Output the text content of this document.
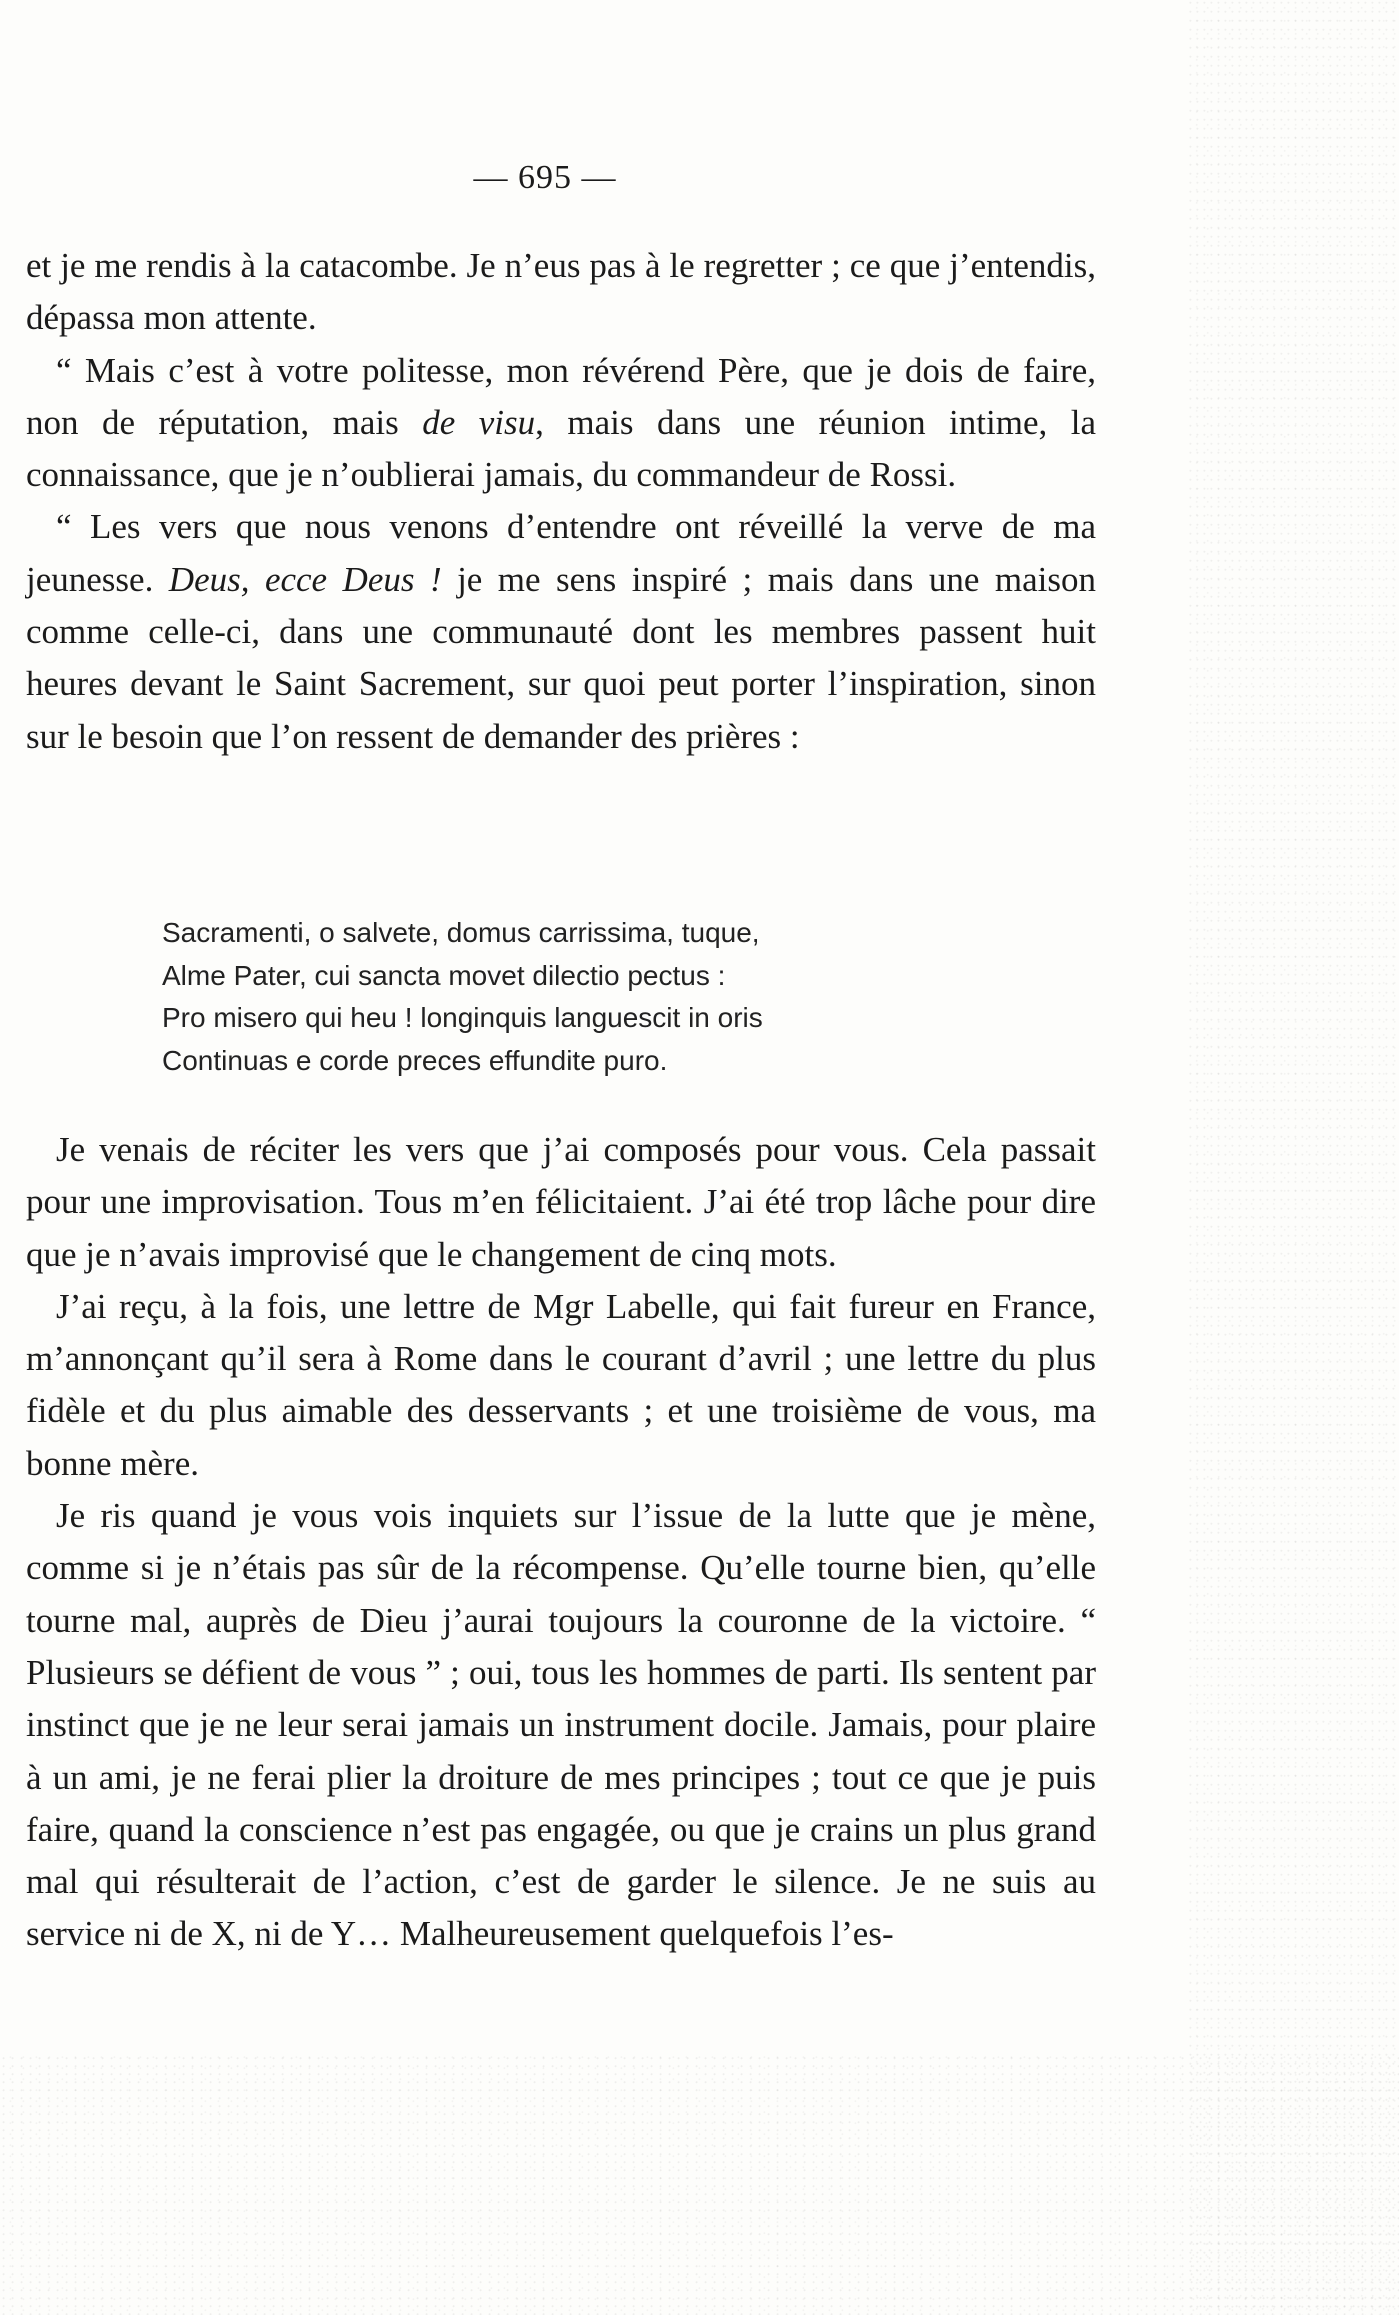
— 695 —

et je me rendis à la catacombe. Je n’eus pas à le regretter ; ce que j’entendis, dépassa mon attente.

“ Mais c’est à votre politesse, mon révérend Père, que je dois de faire, non de réputation, mais de visu, mais dans une réunion intime, la connaissance, que je n’oublierai jamais, du commandeur de Rossi.

“ Les vers que nous venons d’entendre ont réveillé la verve de ma jeunesse. Deus, ecce Deus ! je me sens inspiré ; mais dans une maison comme celle-ci, dans une communauté dont les membres passent huit heures devant le Saint Sacrement, sur quoi peut porter l’inspiration, sinon sur le besoin que l’on ressent de demander des prières :

Sacramenti, o salvete, domus carrissima, tuque,
Alme Pater, cui sancta movet dilectio pectus :
Pro misero qui heu ! longinquis languescit in oris
Continuas e corde preces effundite puro.

Je venais de réciter les vers que j’ai composés pour vous. Cela passait pour une improvisation. Tous m’en félicitaient. J’ai été trop lâche pour dire que je n’avais improvisé que le changement de cinq mots.

J’ai reçu, à la fois, une lettre de Mgr Labelle, qui fait fureur en France, m’annonçant qu’il sera à Rome dans le courant d’avril ; une lettre du plus fidèle et du plus aimable des desservants ; et une troisième de vous, ma bonne mère.

Je ris quand je vous vois inquiets sur l’issue de la lutte que je mène, comme si je n’étais pas sûr de la récompense. Qu’elle tourne bien, qu’elle tourne mal, auprès de Dieu j’aurai toujours la couronne de la victoire. “ Plusieurs se défient de vous ” ; oui, tous les hommes de parti. Ils sentent par instinct que je ne leur serai jamais un instrument docile. Jamais, pour plaire à un ami, je ne ferai plier la droiture de mes principes ; tout ce que je puis faire, quand la conscience n’est pas engagée, ou que je crains un plus grand mal qui résulterait de l’action, c’est de garder le silence. Je ne suis au service ni de X, ni de Y… Malheureusement quelquefois l’es-
